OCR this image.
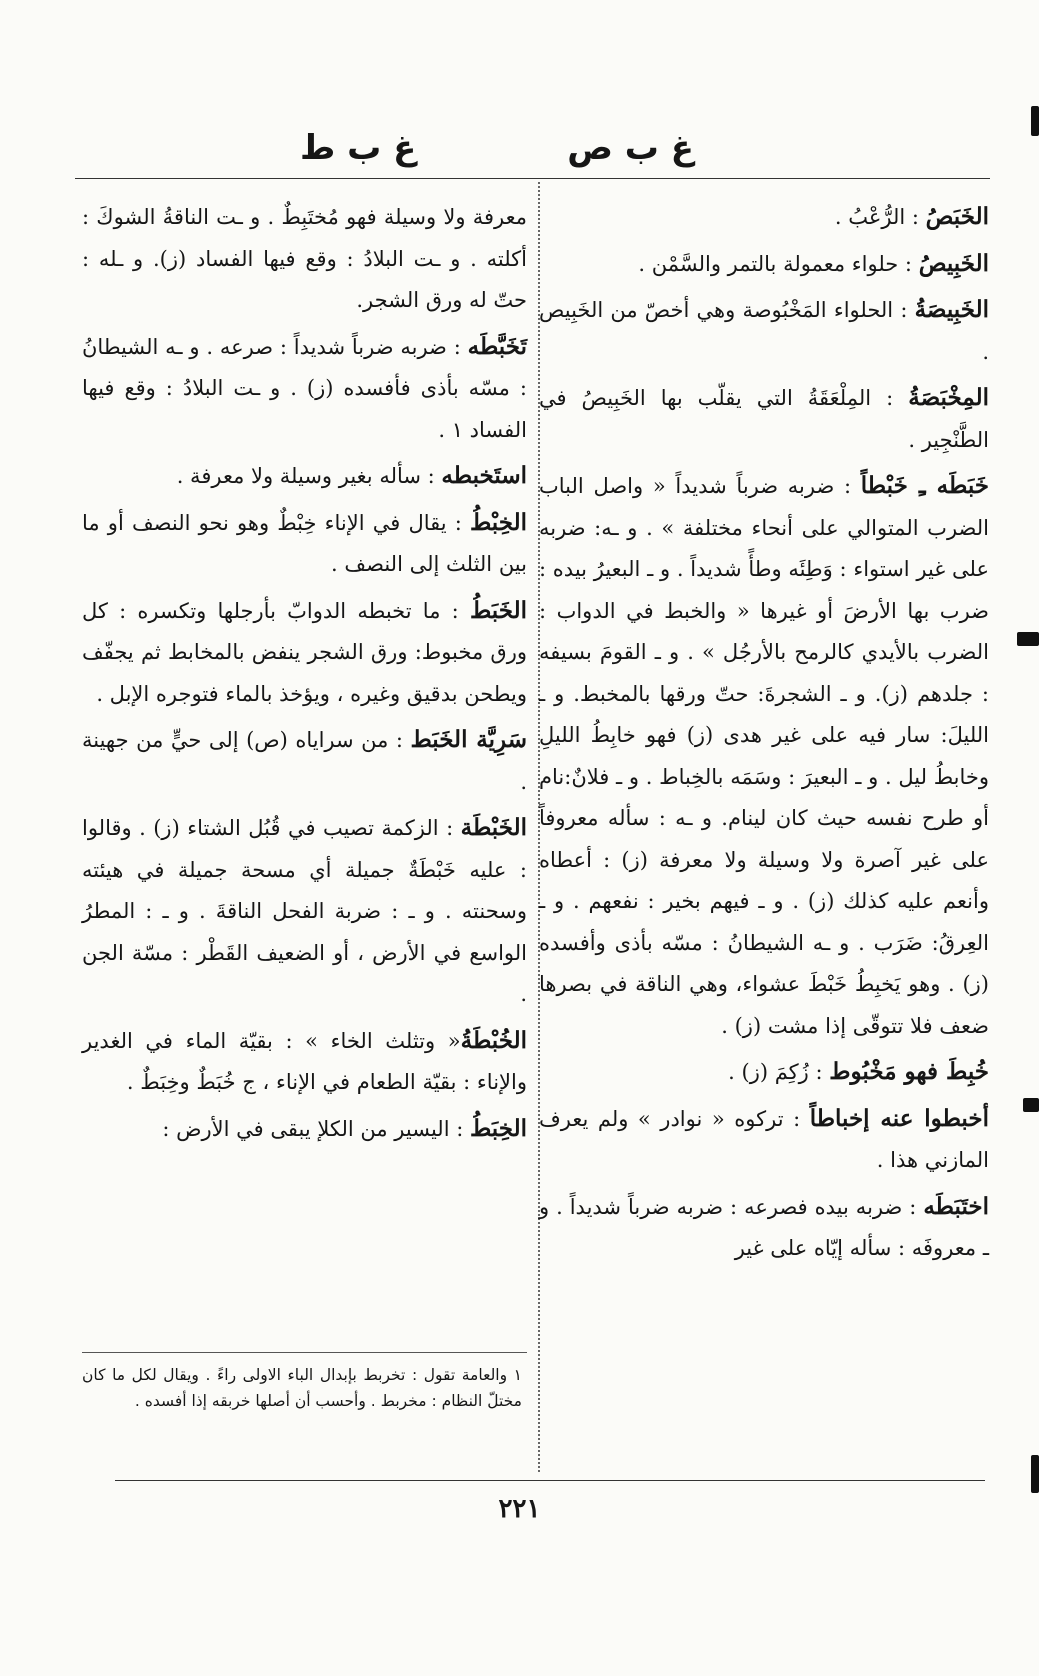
غ ب ص
غ ب ط
الخَبَصُ : الرُّعْبُ .
الخَبِيصُ : حلواء معمولة بالتمر والسَّمْن .
الخَبِيصَةُ : الحلواء المَخْبُوصة وهي أخصّ من الخَبِيص .
المِخْبَصَةُ : المِلْعَقَةُ التي يقلّب بها الخَبِيصُ في الطَّنْجِير .
خَبَطَه ـِ خَبْطاً : ضربه ضرباً شديداً « واصل الباب الضرب المتوالي على أنحاء مختلفة » . و ـه: ضربه على غير استواء : وَطِئَه وطأً شديداً . و ـ البعيرُ بيده : ضرب بها الأرضَ أو غيرها « والخبط في الدواب : الضرب بالأيدي كالرمح بالأرجُل » . و ـ القومَ بسيفه : جلدهم (ز). و ـ الشجرةَ: حتّ ورقها بالمخبط. و ـ الليلَ: سار فيه على غير هدى (ز) فهو خابِطُ الليلِ وخابطُ ليل . و ـ البعيرَ : وسَمَه بالخِباط . و ـ فلانٌ:نام أو طرح نفسه حيث كان لينام. و ـه : سأله معروفاً على غير آصرة ولا وسيلة ولا معرفة (ز) : أعطاه وأنعم عليه كذلك (ز) . و ـ فيهم بخير : نفعهم . و ـ العِرقُ: ضَرَب . و ـه الشيطانُ : مسّه بأذى وأفسده (ز) . وهو يَخبِطُ خَبْطَ عشواء، وهي الناقة في بصرها ضعف فلا تتوقّى إذا مشت (ز) .
خُبِطَ فهو مَخْبُوط : زُكِمَ (ز) .
أخبطوا عنه إخباطاً : تركوه « نوادر » ولم يعرف المازني هذا .
اختَبَطَه : ضربه بيده فصرعه : ضربه ضرباً شديداً . و ـ معروفَه : سأله إيّاه على غير
معرفة ولا وسيلة فهو مُختَبِطٌ . و ـت الناقةُ الشوكَ : أكلته . و ـت البلادُ : وقع فيها الفساد (ز). و ـله : حتّ له ورق الشجر.
تَخَبَّطَه : ضربه ضرباً شديداً : صرعه . و ـه الشيطانُ : مسّه بأذى فأفسده (ز) . و ـت البلادُ : وقع فيها الفساد ١ .
استَخبطه : سأله بغير وسيلة ولا معرفة .
الخِبْطُ : يقال في الإناء خِبْطٌ وهو نحو النصف أو ما بين الثلث إلى النصف .
الخَبَطُ : ما تخبطه الدوابّ بأرجلها وتكسره : كل ورق مخبوط: ورق الشجر ينفض بالمخابط ثم يجفّف ويطحن بدقيق وغيره ، ويؤخذ بالماء فتوجره الإبل .
سَرِيَّة الخَبَط : من سراياه (ص) إلى حيٍّ من جهينة .
الخَبْطَة : الزكمة تصيب في قُبُل الشتاء (ز) . وقالوا : عليه خَبْطَةٌ جميلة أي مسحة جميلة في هيئته وسحنته . و ـ : ضربة الفحل الناقةَ . و ـ : المطرُ الواسع في الأرض ، أو الضعيف القَطْر : مسّة الجن .
الخُبْطَةُ« وتثلث الخاء » : بقيّة الماء في الغدير والإناء : بقيّة الطعام في الإناء ، ج خُبَطٌ وخِبَطٌ .
الخِبَطُ : اليسير من الكلإ يبقى في الأرض :
١ والعامة تقول : تخربط بإبدال الباء الاولى راءً . ويقال لكل ما كان مختلّ النظام : مخربط . وأحسب أن أصلها خربقه إذا أفسده .
٢٢١
